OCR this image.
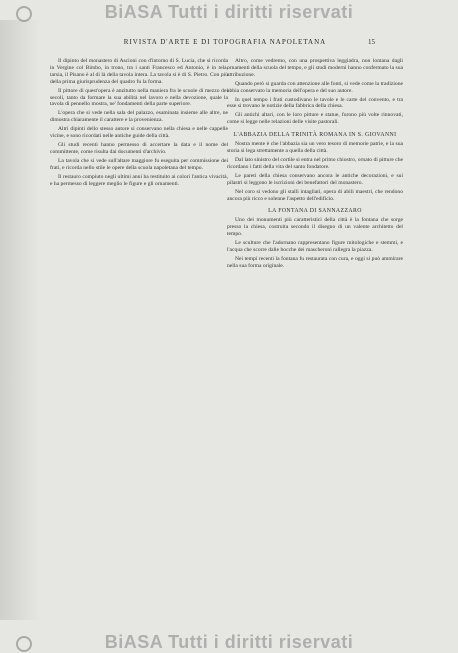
BiASA Tutti i diritti riservati
RIVISTA D'ARTE E DI TOPOGRAFIA NAPOLETANA	15

Il dipinto del monastero di Ascioni con d'intorno di S. Lucia, che si ricorda in Vergine col Bimbo, in trono, tra i santi Francesco ed Antonio, è in tela, tarsia, il Pisano è al di là della tavola intera. La tavola si è di S. Pietro. Con più della prima giurisprudenza del quadro fu la forma.

Il pittore di quest'opera è anzitutto nella maniera fra le scuole di mezzo dei secoli, tanto da formare la sua abilità nel lavoro e nella devozione, quale la tavola di pennello mostra, ne' fondamenti della parte superiore.

L'opera che si vede nella sala del palazzo, esaminata insieme alle altre, ne dimostra chiaramente il carattere e la provenienza.

Altri dipinti dello stesso autore si conservano nella chiesa e nelle cappelle vicine, e sono ricordati nelle antiche guide della città.

Gli studi recenti hanno permesso di accertare la data e il nome del committente, come risulta dai documenti d'archivio.

La tavola che si vede sull'altare maggiore fu eseguita per commissione dei frati, e ricorda nello stile le opere della scuola napoletana del tempo.

Il restauro compiuto negli ultimi anni ha restituito ai colori l'antica vivacità, e ha permesso di leggere meglio le figure e gli ornamenti.

Altro, come vedremo, con una prospettiva leggiadra, non lontana dagli ornamenti della scuola del tempo, e gli studi moderni hanno confermato la sua attribuzione.

Quando però si guarda con attenzione alle fonti, si vede come la tradizione abbia conservato la memoria dell'opera e del suo autore.

In quel tempo i frati custodivano le tavole e le carte del convento, e tra esse si trovano le notizie della fabbrica della chiesa.

Gli antichi altari, con le loro pitture e statue, furono più volte rinnovati, come si legge nelle relazioni delle visite pastorali.

L'ABBAZIA DELLA TRINITÀ ROMANA IN S. GIOVANNI

Nostra mente è che l'abbazia sia un vero tesoro di memorie patrie, e la sua storia si lega strettamente a quella della città.

Dal lato sinistro del cortile si entra nel primo chiostro, ornato di pitture che ricordano i fatti della vita del santo fondatore.

Le pareti della chiesa conservano ancora le antiche decorazioni, e sui pilastri si leggono le iscrizioni dei benefattori del monastero.

Nel coro si vedono gli stalli intagliati, opera di abili maestri, che rendono ancora più ricco e solenne l'aspetto dell'edificio.

LA FONTANA DI SANNAZZARO

Uno dei monumenti più caratteristici della città è la fontana che sorge presso la chiesa, costruita secondo il disegno di un valente architetto del tempo.

Le sculture che l'adornano rappresentano figure mitologiche e stemmi, e l'acqua che scorre dalle bocche dei mascheroni rallegra la piazza.

Nei tempi recenti la fontana fu restaurata con cura, e oggi si può ammirare nella sua forma originale.

BiASA Tutti i diritti riservati
